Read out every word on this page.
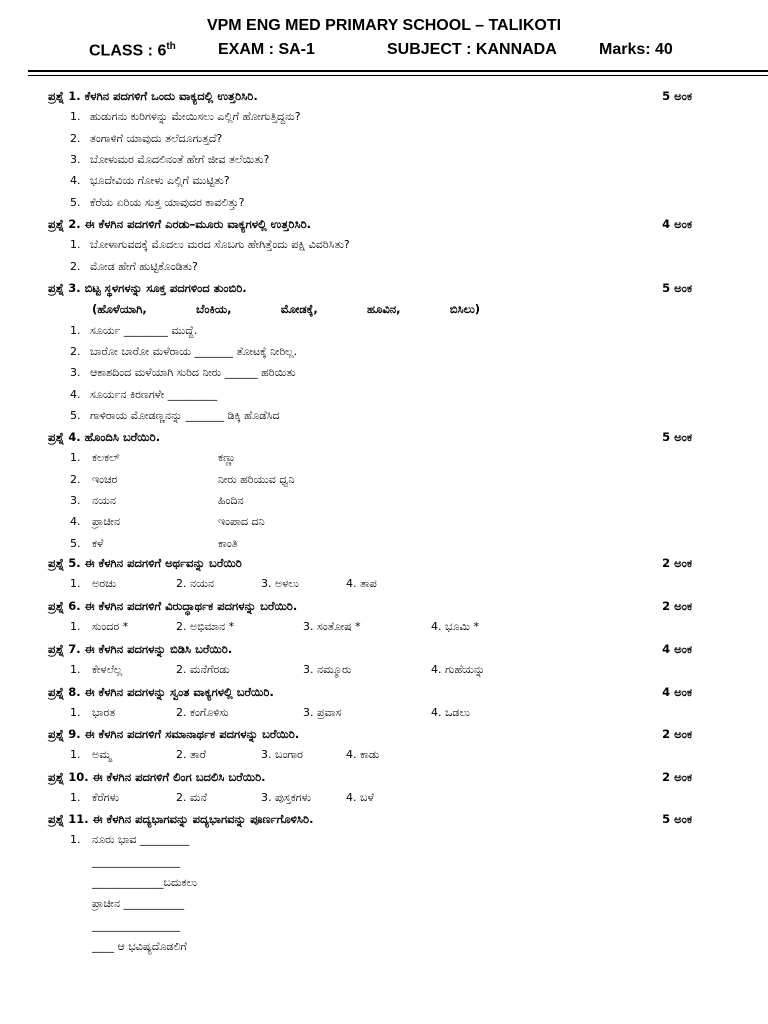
VPM ENG MED PRIMARY SCHOOL – TALIKOTI
CLASS : 6th	EXAM : SA-1	SUBJECT : KANNADA	Marks: 40
ಪ್ರಶ್ನೆ 1. ಕೆಳಗಿನ ಪದಗಳಿಗೆ ಒಂದು ವಾಕ್ಯದಲ್ಲಿ ಉತ್ತರಿಸಿರಿ.	5 ಅಂಕ
1. ಹುಡುಗನು ಕುರಿಗಳನ್ನು ಮೇಯಿಸಲು ಎಲ್ಲಿಗೆ ಹೋಗುತ್ತಿದ್ದನು?
2. ತಂಗಾಳಿಗೆ ಯಾವುದು ತಲೆದೂಗುತ್ತದೆ?
3. ಬೋಳುಮರ ಮೊದಲಿನಂತೆ ಹೇಗೆ ಜೀವ ತಲೆಯಿತು?
4. ಭೂದೇವಿಯ ಗೋಳು ಎಲ್ಲಿಗೆ ಮುಟ್ಟಿತು?
5. ಕೆರೆಯ ಏರಿಯ ಸುತ್ತ ಯಾವುದರ ಕಾವಲಿತ್ತು?
ಪ್ರಶ್ನೆ 2. ಈ ಕೆಳಗಿನ ಪದಗಳಿಗೆ ಎರಡು–ಮೂರು ವಾಕ್ಯಗಳಲ್ಲಿ ಉತ್ತರಿಸಿರಿ.	4 ಅಂಕ
1. ಬೋಳಾಗುವದಕ್ಕೆ ಮೊದಲು ಮರದ ಸೊಬಗು ಹೇಗಿತ್ತೆಂದು ಪಕ್ಷಿ ವಿವರಿಸಿತು?
2. ಮೋಡ ಹೇಗೆ ಹುಟ್ಟಿಕೊಂಡಿತು?
ಪ್ರಶ್ನೆ 3. ಬಿಟ್ಟ ಸ್ಥಳಗಳನ್ನು ಸೂಕ್ತ ಪದಗಳಿಂದ ತುಂಬಿರಿ.	5 ಅಂಕ
(ಹೊಳೆಯಾಗಿ,	ಬೆಂಕಿಯ,	ಮೋಡಕ್ಕೆ,	ಹೂವಿನ,	ಬಿಸಿಲು)
1. ಸೂರ್ಯ ________ ಮುದ್ದೆ.
2. ಬಾರೋ ಬಾರೋ ಮಳೆರಾಯ _______ ತೋಟಕ್ಕೆ ನೀರಿಲ್ಲ.
3. ಆಕಾಶದಿಂದ ಮಳೆಯಾಗಿ ಸುರಿದ ನೀರು ______ ಹರಿಯಿತು
4. ಸೂರ್ಯನ ಕಿರಣಗಳೇ _________
5. ಗಾಳಿರಾಯ ಮೋಡಣ್ಣನನ್ನು _______ ಡಿಕ್ಕಿ ಹೊಡೆಸಿದ
ಪ್ರಶ್ನೆ 4. ಹೊಂದಿಸಿ ಬರೆಯಿರಿ.	5 ಅಂಕ
1. ಕಲಕಲ್	ಕಣ್ಣು
2. ಇಂಚರ	ನೀರು ಹರಿಯುವ ಧ್ವನಿ
3. ನಯನ	ಹಿಂದಿನ
4. ಪ್ರಾಚೀನ	ಇಂಪಾದ ದನಿ
5. ಕಳೆ	ಕಾಂತಿ
ಪ್ರಶ್ನೆ 5. ಈ ಕೆಳಗಿನ ಪದಗಳಿಗೆ ಅರ್ಥವನ್ನು ಬರೆಯಿರಿ	2 ಅಂಕ
1. ಅರಚು	2. ನಯನ	3. ಅಳಲು	4. ತಾಪ
ಪ್ರಶ್ನೆ 6. ಈ ಕೆಳಗಿನ ಪದಗಳಿಗೆ ವಿರುದ್ಧಾರ್ಥಕ ಪದಗಳನ್ನು ಬರೆಯಿರಿ.	2 ಅಂಕ
1. ಸುಂದರ *	2. ಅಭಿಮಾನ *	3. ಸಂತೋಷ *	4. ಭೂಮಿ *
ಪ್ರಶ್ನೆ 7. ಈ ಕೆಳಗಿನ ಪದಗಳನ್ನು ಬಿಡಿಸಿ ಬರೆಯಿರಿ.	4 ಅಂಕ
1. ಕೇಳಲೆಲ್ಲ	2. ಮನೆಗೆರಡು	3. ನಮ್ಮೂರು	4. ಗುಹೆಯನ್ನು
ಪ್ರಶ್ನೆ 8. ಈ ಕೆಳಗಿನ ಪದಗಳನ್ನು ಸ್ವಂತ ವಾಕ್ಯಗಳಲ್ಲಿ ಬರೆಯಿರಿ.	4 ಅಂಕ
1. ಭಾರತ	2. ಕಂಗೊಳಿಸು	3. ಪ್ರವಾಸ	4. ಒಡಲು
ಪ್ರಶ್ನೆ 9. ಈ ಕೆಳಗಿನ ಪದಗಳಿಗೆ ಸಮಾನಾರ್ಥಕ ಪದಗಳನ್ನು ಬರೆಯಿರಿ.	2 ಅಂಕ
1. ಅಮ್ಮ	2. ತಾರೆ	3. ಬಂಗಾರ	4. ಕಾಡು
ಪ್ರಶ್ನೆ 10. ಈ ಕೆಳಗಿನ ಪದಗಳಿಗೆ ಲಿಂಗ ಬದಲಿಸಿ ಬರೆಯಿರಿ.	2 ಅಂಕ
1. ಕೆರೆಗಳು	2. ಮನೆ	3. ಪುಸ್ತಕಗಳು	4. ಬಳೆ
ಪ್ರಶ್ನೆ 11. ಈ ಕೆಳಗಿನ ಪದ್ಯಭಾಗವನ್ನು ಪದ್ಯಭಾಗವನ್ನು ಪೂರ್ಣಗೊಳಿಸಿರಿ.	5 ಅಂಕ
1. ನೂರು ಭಾವ _________
________________
_____________ಬದುಕಲು
ಪ್ರಾಚೀನ ___________
________________
____ ಆ ಭವಿಷ್ಯದೊಡಲಿಗೆ
